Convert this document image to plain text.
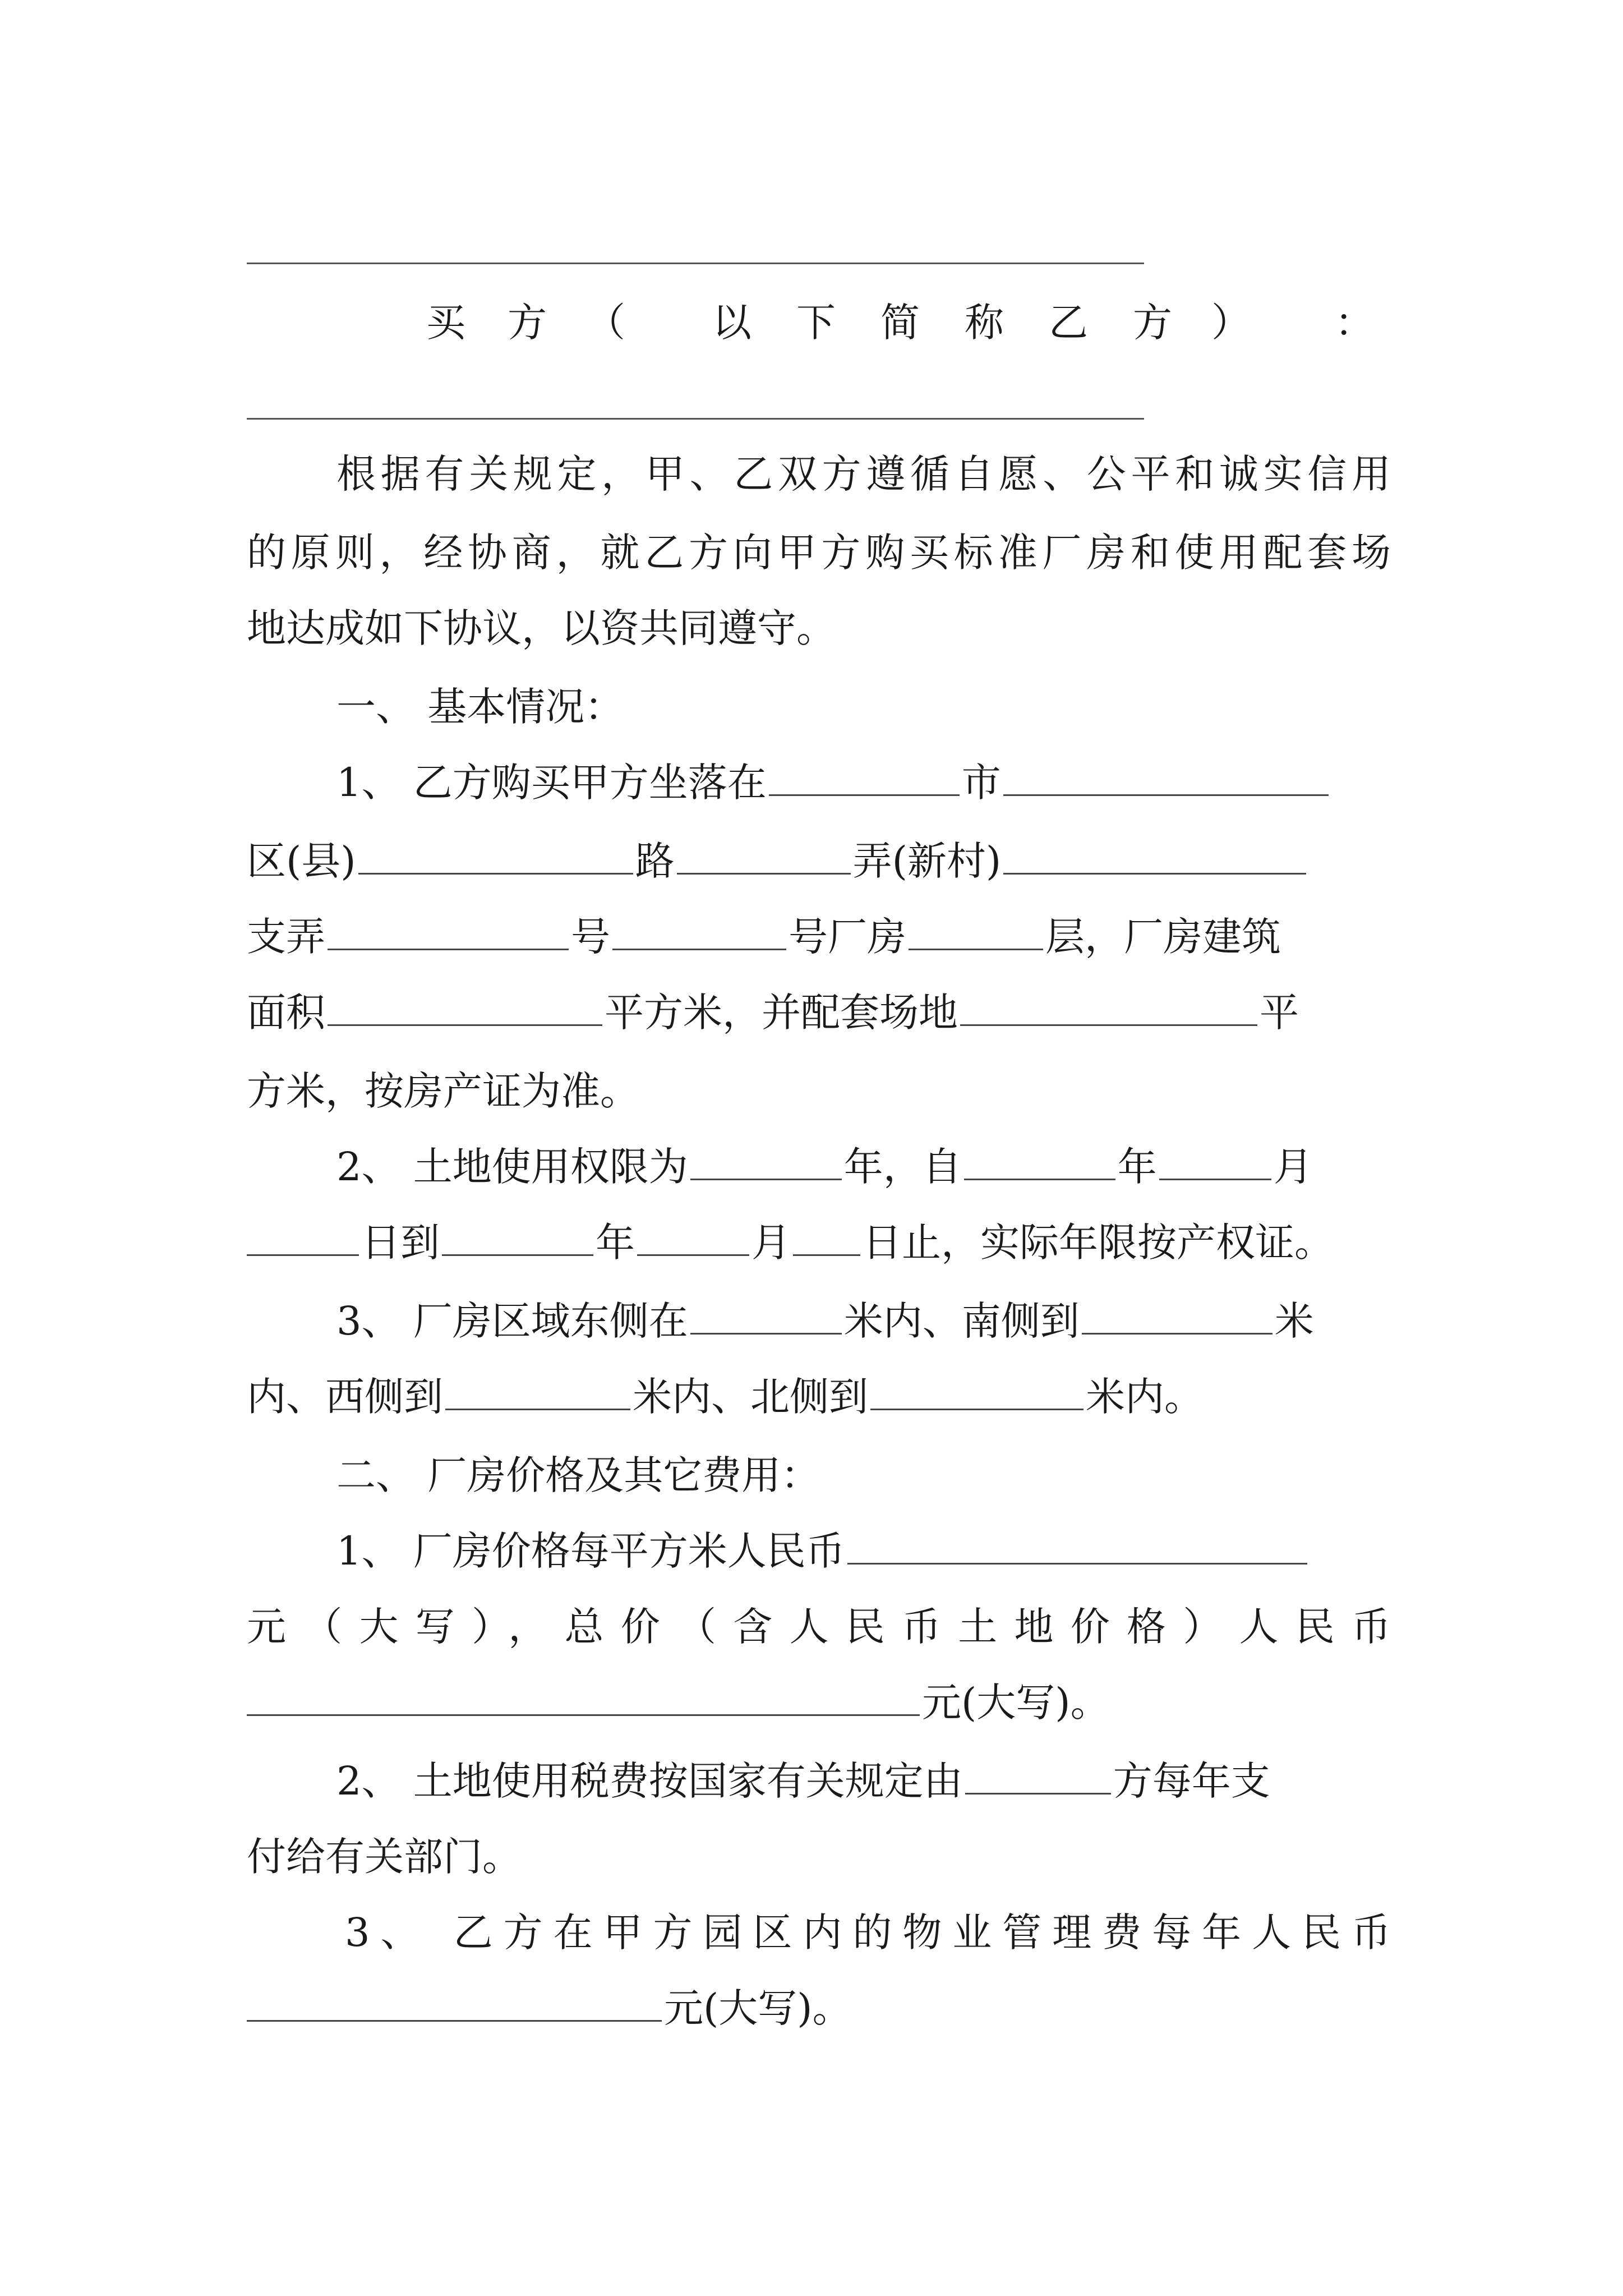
买 方 （ 以 下 简 称 乙 方 ） ：
根据有关规定，甲、乙双方遵循自愿、公平和诚实信用
的原则，经协商，就乙方向甲方购买标准厂房和使用配套场
地达成如下协议，以资共同遵守。
一、 基本情况：
1、 乙方购买甲方坐落在	市
区(县)	路	弄(新村)
支弄	号	号厂房	层，厂房建筑
面积	平方米，并配套场地	平
方米，按房产证为准。
2、 土地使用权限为	年，自	年	月
日到	年	月 日止，实际年限按产权证。
3、 厂房区域东侧在	米内、南侧到	米
内、西侧到	米内、北侧到	米内。
二、 厂房价格及其它费用：
1、 厂房价格每平方米人民币
元（大写），总价（含人民币土地价格）人民币
元(大写)。
2、 土地使用税费按国家有关规定由	方每年支
付给有关部门。
3、 乙方在甲方园区内的物业管理费每年人民币
元(大写)。
